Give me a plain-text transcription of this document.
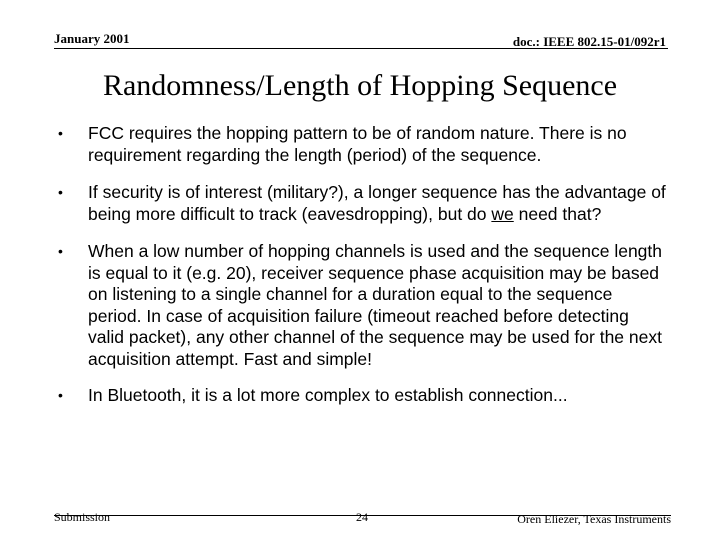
January 2001	doc.: IEEE 802.15-01/092r1
Randomness/Length of Hopping Sequence
•	FCC requires the hopping pattern to be of random nature. There is no requirement regarding the length (period) of the sequence.
•	If security is of interest (military?), a longer sequence has the advantage of being more difficult to track (eavesdropping), but do we need that?
•	When a low number of hopping channels is used and the sequence length is equal to it (e.g. 20), receiver sequence phase acquisition may be based on listening to a single channel for a duration equal to the sequence period. In case of acquisition failure (timeout reached before detecting valid packet), any other channel of the sequence may be used for the next acquisition attempt. Fast and simple!
•	In Bluetooth, it is a lot more complex to establish connection...
Submission	24	Oren Eliezer, Texas Instruments
